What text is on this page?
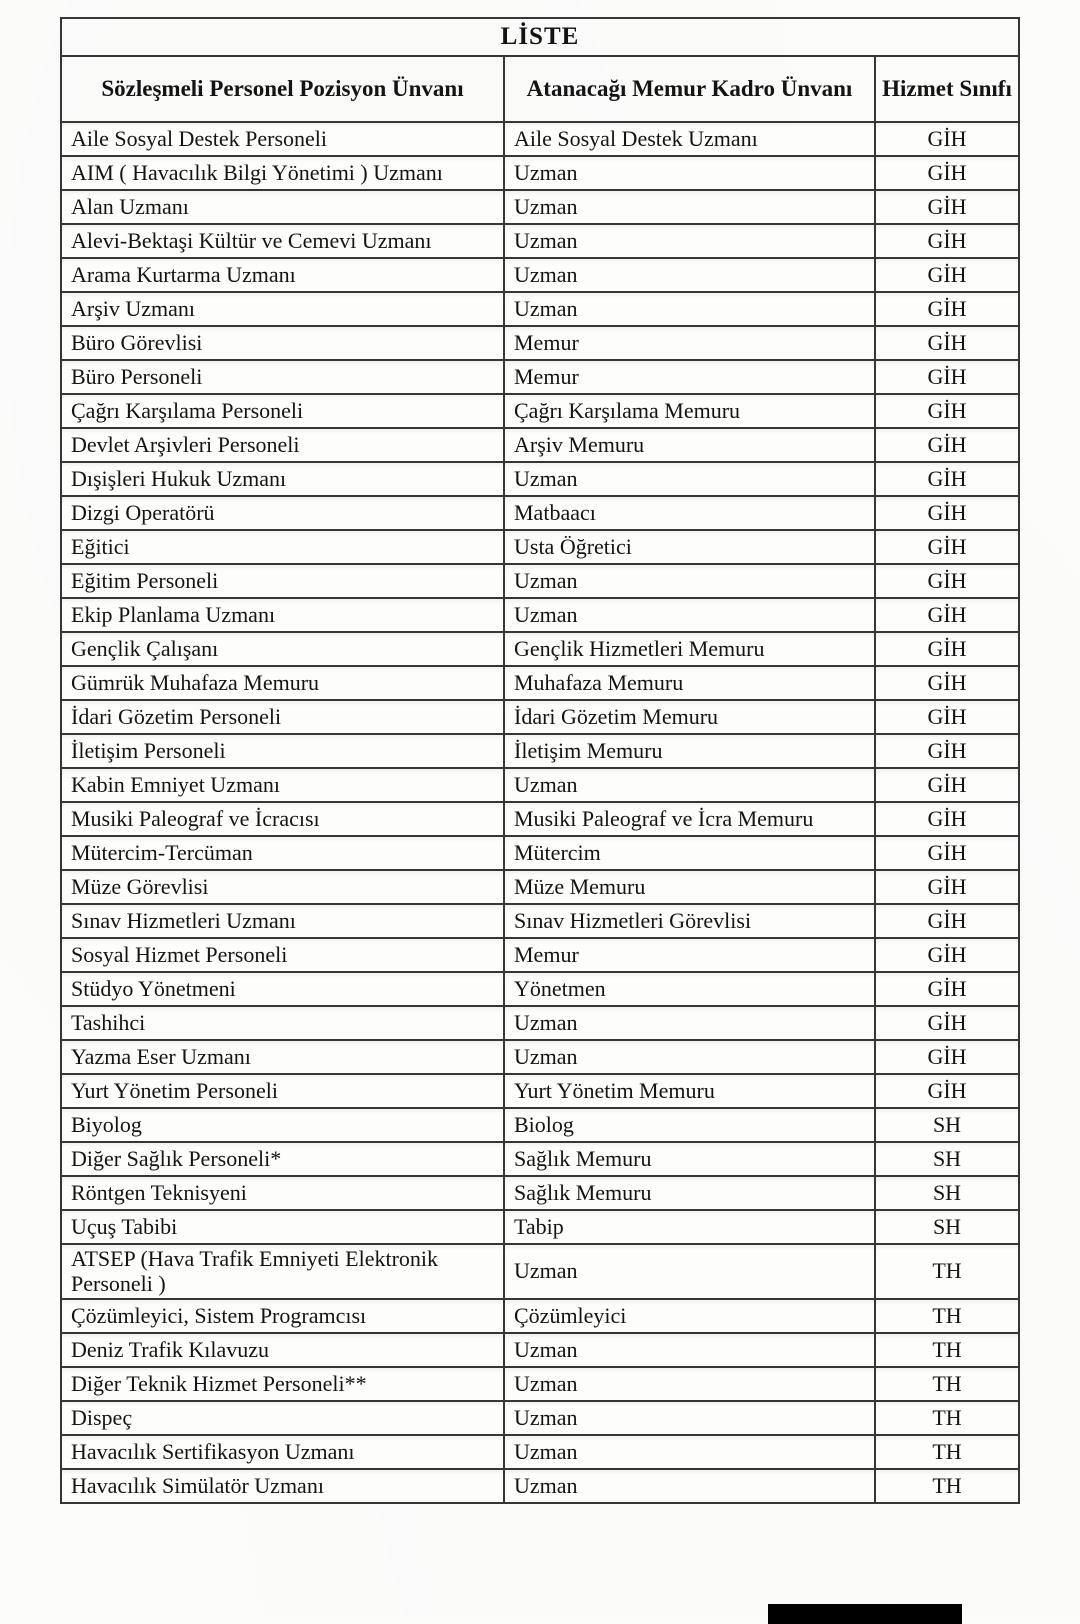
LİSTE		
Sözleşmeli Personel Pozisyon Ünvanı	Atanacağı Memur Kadro Ünvanı	Hizmet Sınıfı
Aile Sosyal Destek Personeli	Aile Sosyal Destek Uzmanı	GİH
AIM ( Havacılık Bilgi Yönetimi ) Uzmanı	Uzman	GİH
Alan Uzmanı	Uzman	GİH
Alevi-Bektaşi Kültür ve Cemevi Uzmanı	Uzman	GİH
Arama Kurtarma Uzmanı	Uzman	GİH
Arşiv Uzmanı	Uzman	GİH
Büro Görevlisi	Memur	GİH
Büro Personeli	Memur	GİH
Çağrı Karşılama Personeli	Çağrı Karşılama Memuru	GİH
Devlet Arşivleri Personeli	Arşiv Memuru	GİH
Dışişleri Hukuk Uzmanı	Uzman	GİH
Dizgi Operatörü	Matbaacı	GİH
Eğitici	Usta Öğretici	GİH
Eğitim Personeli	Uzman	GİH
Ekip Planlama Uzmanı	Uzman	GİH
Gençlik Çalışanı	Gençlik Hizmetleri Memuru	GİH
Gümrük Muhafaza Memuru	Muhafaza Memuru	GİH
İdari Gözetim Personeli	İdari Gözetim Memuru	GİH
İletişim Personeli	İletişim Memuru	GİH
Kabin Emniyet Uzmanı	Uzman	GİH
Musiki Paleograf ve İcracısı	Musiki Paleograf ve İcra Memuru	GİH
Mütercim-Tercüman	Mütercim	GİH
Müze Görevlisi	Müze Memuru	GİH
Sınav Hizmetleri Uzmanı	Sınav Hizmetleri Görevlisi	GİH
Sosyal Hizmet Personeli	Memur	GİH
Stüdyo Yönetmeni	Yönetmen	GİH
Tashihci	Uzman	GİH
Yazma Eser Uzmanı	Uzman	GİH
Yurt Yönetim Personeli	Yurt Yönetim Memuru	GİH
Biyolog	Biolog	SH
Diğer Sağlık Personeli*	Sağlık Memuru	SH
Röntgen Teknisyeni	Sağlık Memuru	SH
Uçuş Tabibi	Tabip	SH
ATSEP (Hava Trafik Emniyeti Elektronik Personeli )	Uzman	TH
Çözümleyici, Sistem Programcısı	Çözümleyici	TH
Deniz Trafik Kılavuzu	Uzman	TH
Diğer Teknik Hizmet Personeli**	Uzman	TH
Dispeç	Uzman	TH
Havacılık Sertifikasyon Uzmanı	Uzman	TH
Havacılık Simülatör Uzmanı	Uzman	TH
